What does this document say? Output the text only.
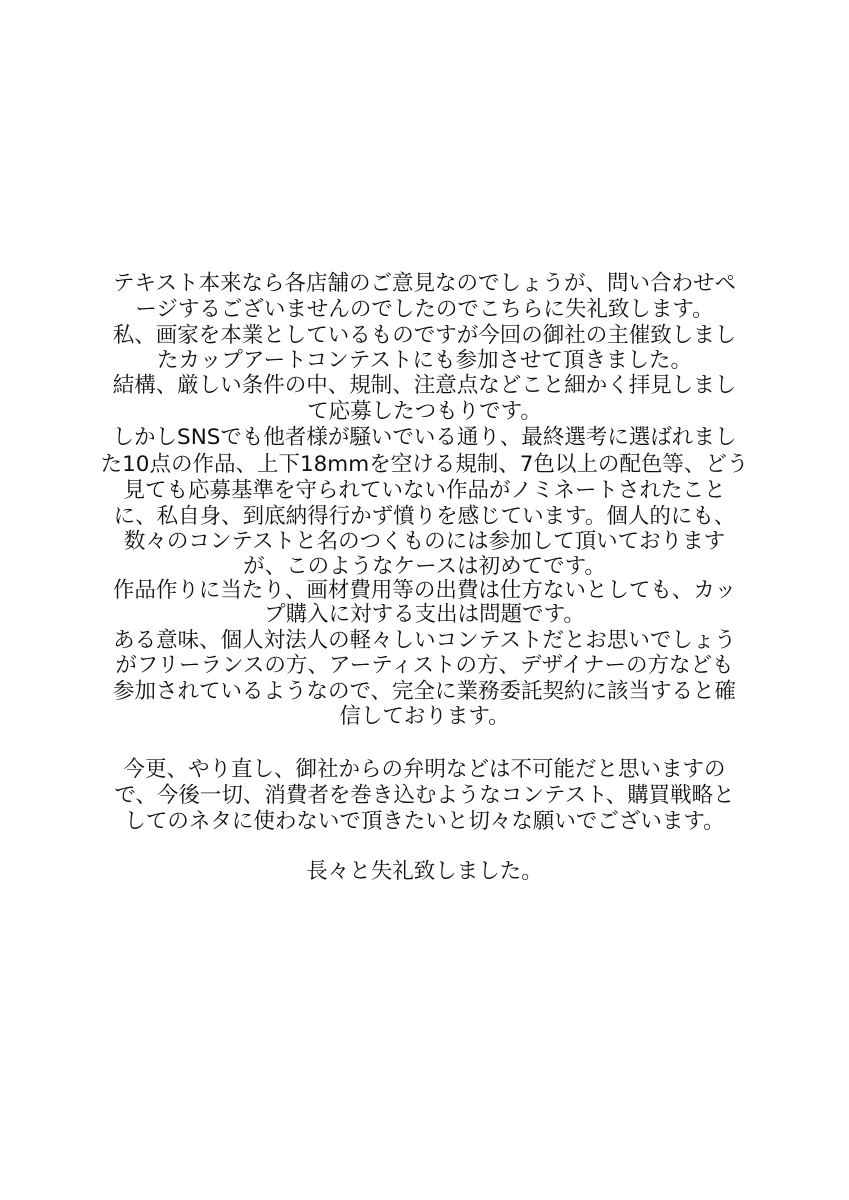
テキスト本来なら各店舗のご意見なのでしょうが、問い合わせペ
ージするございませんのでしたのでこちらに失礼致します。
私、画家を本業としているものですが今回の御社の主催致しまし
たカップアートコンテストにも参加させて頂きました。
結構、厳しい条件の中、規制、注意点などこと細かく拝見しまし
て応募したつもりです。
しかしSNSでも他者様が騒いでいる通り、最終選考に選ばれまし
た10点の作品、上下18mmを空ける規制、7色以上の配色等、どう
見ても応募基準を守られていない作品がノミネートされたこと
に、私自身、到底納得行かず憤りを感じています。個人的にも、
数々のコンテストと名のつくものには参加して頂いております
が、このようなケースは初めてです。
作品作りに当たり、画材費用等の出費は仕方ないとしても、カッ
プ購入に対する支出は問題です。
ある意味、個人対法人の軽々しいコンテストだとお思いでしょう
がフリーランスの方、アーティストの方、デザイナーの方なども
参加されているようなので、完全に業務委託契約に該当すると確
信しております。
今更、やり直し、御社からの弁明などは不可能だと思いますの
で、今後一切、消費者を巻き込むようなコンテスト、購買戦略と
してのネタに使わないで頂きたいと切々な願いでございます。
長々と失礼致しました。
